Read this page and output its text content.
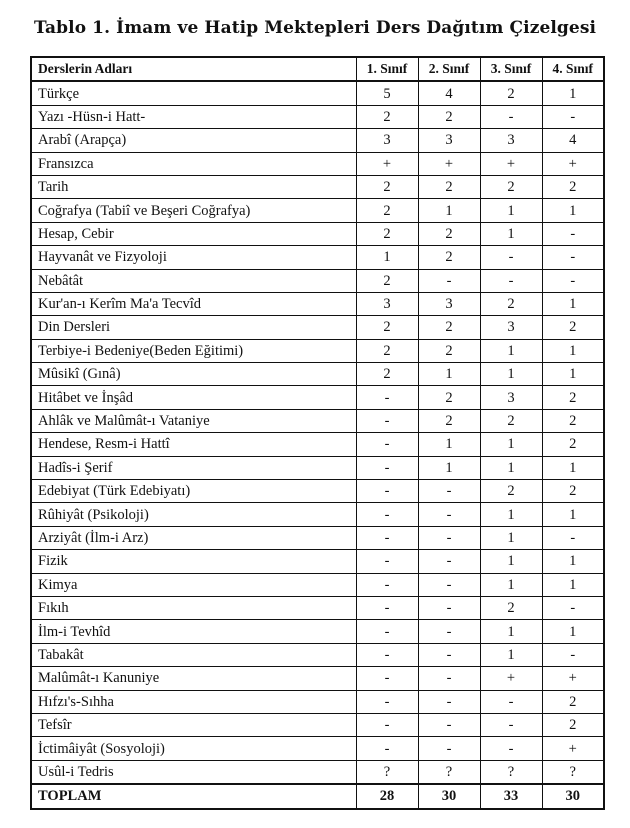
Tablo 1. İmam ve Hatip Mektepleri Ders Dağıtım Çizelgesi
Derslerin Adları	1. Sınıf	2. Sınıf	3. Sınıf	4. Sınıf
Türkçe	5	4	2	1
Yazı -Hüsn-i Hatt-	2	2	-	-
Arabî (Arapça)	3	3	3	4
Fransızca	+	+	+	+
Tarih	2	2	2	2
Coğrafya (Tabiî ve Beşeri Coğrafya)	2	1	1	1
Hesap, Cebir	2	2	1	-
Hayvanât ve Fizyoloji	1	2	-	-
Nebâtât	2	-	-	-
Kur'an-ı Kerîm Ma'a Tecvîd	3	3	2	1
Din Dersleri	2	2	3	2
Terbiye-i Bedeniye(Beden Eğitimi)	2	2	1	1
Mûsikî (Gınâ)	2	1	1	1
Hitâbet ve İnşâd	-	2	3	2
Ahlâk ve Malûmât-ı Vataniye	-	2	2	2
Hendese, Resm-i Hattî	-	1	1	2
Hadîs-i Şerif	-	1	1	1
Edebiyat (Türk Edebiyatı)	-	-	2	2
Rûhiyât (Psikoloji)	-	-	1	1
Arziyât (İlm-i Arz)	-	-	1	-
Fizik	-	-	1	1
Kimya	-	-	1	1
Fıkıh	-	-	2	-
İlm-i Tevhîd	-	-	1	1
Tabakât	-	-	1	-
Malûmât-ı Kanuniye	-	-	+	+
Hıfzı's-Sıhha	-	-	-	2
Tefsîr	-	-	-	2
İctimâiyât (Sosyoloji)	-	-	-	+
Usûl-i Tedris	?	?	?	?
TOPLAM	28	30	33	30
